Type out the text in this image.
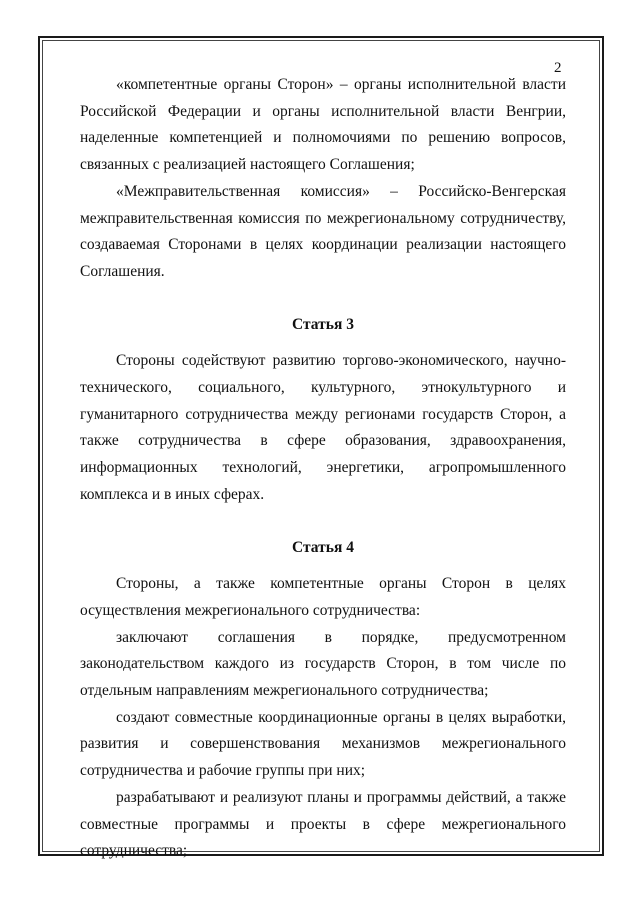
2

«компетентные органы Сторон» – органы исполнительной власти Российской Федерации и органы исполнительной власти Венгрии, наделенные компетенцией и полномочиями по решению вопросов, связанных с реализацией настоящего Соглашения;

«Межправительственная комиссия» – Российско-Венгерская межправительственная комиссия по межрегиональному сотрудничеству, создаваемая Сторонами в целях координации реализации настоящего Соглашения.

Статья 3

Стороны содействуют развитию торгово-экономического, научно-технического, социального, культурного, этнокультурного и гуманитарного сотрудничества между регионами государств Сторон, а также сотрудничества в сфере образования, здравоохранения, информационных технологий, энергетики, агропромышленного комплекса и в иных сферах.

Статья 4

Стороны, а также компетентные органы Сторон в целях осуществления межрегионального сотрудничества:

заключают соглашения в порядке, предусмотренном законодательством каждого из государств Сторон, в том числе по отдельным направлениям межрегионального сотрудничества;

создают совместные координационные органы в целях выработки, развития и совершенствования механизмов межрегионального сотрудничества и рабочие группы при них;

разрабатывают и реализуют планы и программы действий, а также совместные программы и проекты в сфере межрегионального сотрудничества;
